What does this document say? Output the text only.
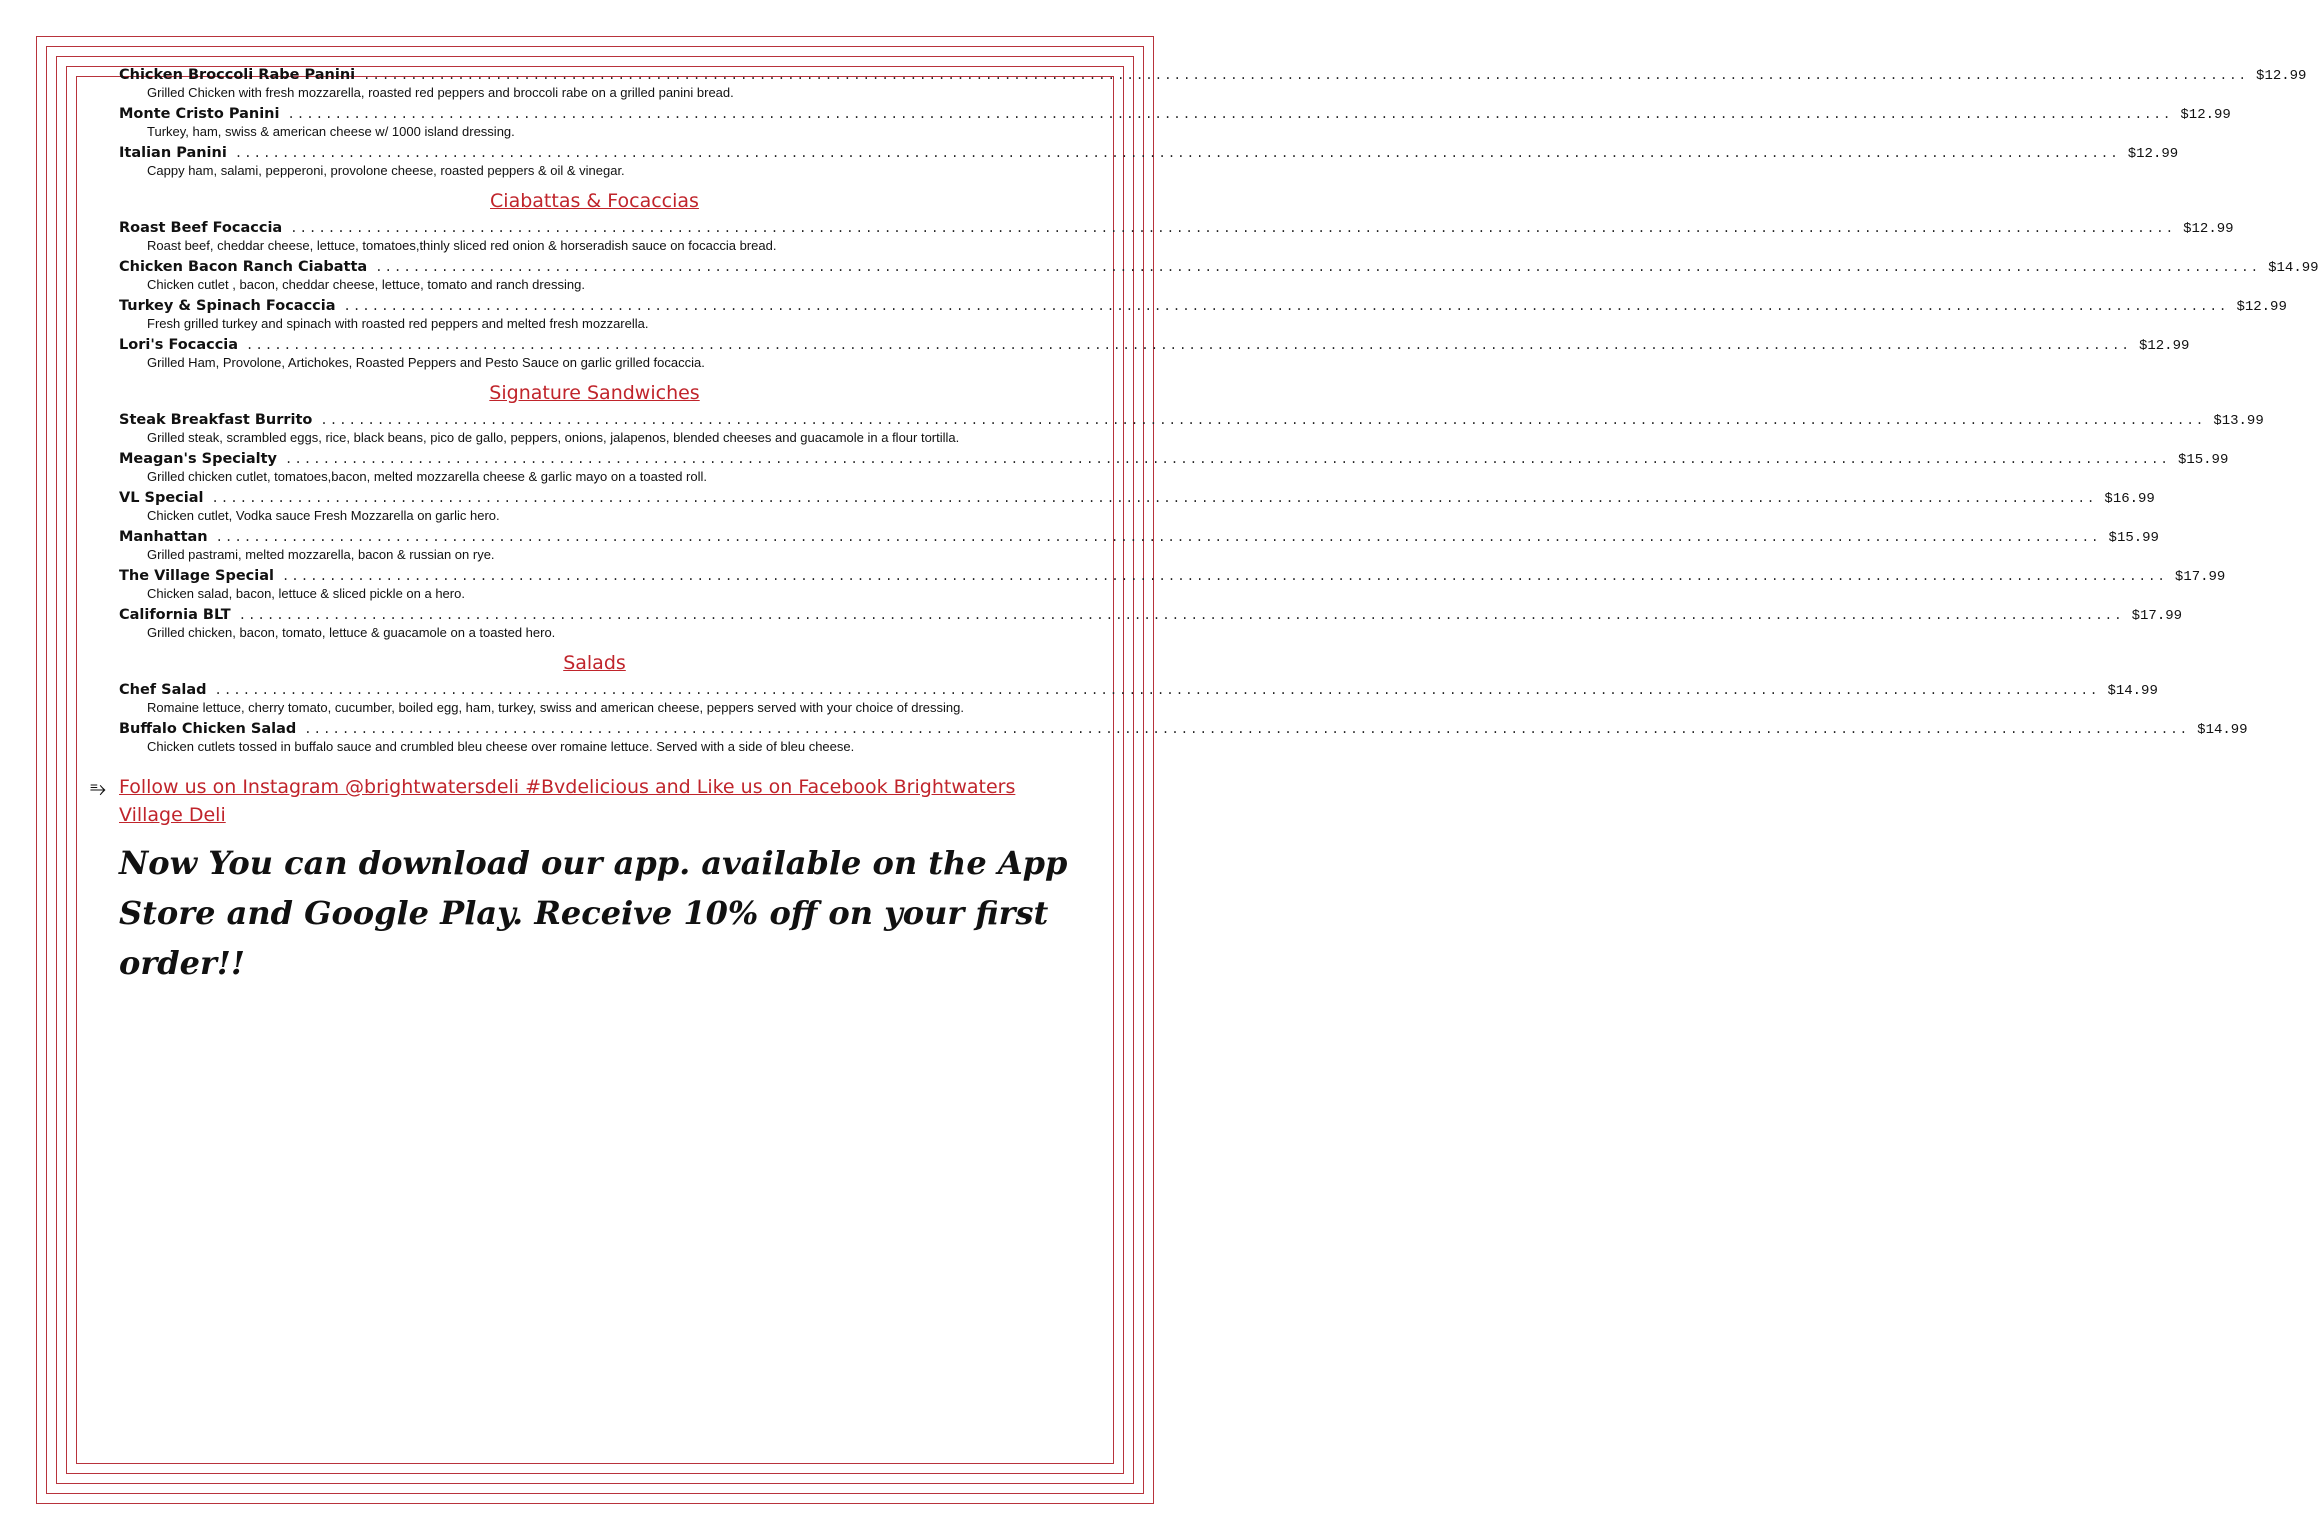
Chicken Broccoli Rabe Panini ........................................................................................................................................................................................................ $12.99
Grilled Chicken with fresh mozzarella, roasted red peppers and broccoli rabe on a grilled panini bread.
Monte Cristo Panini ........................................................................................................................................................................................................ $12.99
Turkey, ham, swiss & american cheese w/ 1000 island dressing.
Italian Panini ........................................................................................................................................................................................................ $12.99
Cappy ham, salami, pepperoni, provolone cheese, roasted peppers & oil & vinegar.
Ciabattas & Focaccias
Roast Beef Focaccia ........................................................................................................................................................................................................ $12.99
Roast beef, cheddar cheese, lettuce, tomatoes,thinly sliced red onion & horseradish sauce on focaccia bread.
Chicken Bacon Ranch Ciabatta ........................................................................................................................................................................................................ $14.99
Chicken cutlet , bacon, cheddar cheese, lettuce, tomato and ranch dressing.
Turkey & Spinach Focaccia ........................................................................................................................................................................................................ $12.99
Fresh grilled turkey and spinach with roasted red peppers and melted fresh mozzarella.
Lori's Focaccia ........................................................................................................................................................................................................ $12.99
Grilled Ham, Provolone, Artichokes, Roasted Peppers and Pesto Sauce on garlic grilled focaccia.
Signature Sandwiches
Steak Breakfast Burrito ........................................................................................................................................................................................................ $13.99
Grilled steak, scrambled eggs, rice, black beans, pico de gallo, peppers, onions, jalapenos, blended cheeses and guacamole in a flour tortilla.
Meagan's Specialty ........................................................................................................................................................................................................ $15.99
Grilled chicken cutlet, tomatoes,bacon, melted mozzarella cheese & garlic mayo on a toasted roll.
VL Special ........................................................................................................................................................................................................ $16.99
Chicken cutlet, Vodka sauce Fresh Mozzarella on garlic hero.
Manhattan ........................................................................................................................................................................................................ $15.99
Grilled pastrami, melted mozzarella, bacon & russian on rye.
The Village Special ........................................................................................................................................................................................................ $17.99
Chicken salad, bacon, lettuce & sliced pickle on a hero.
California BLT ........................................................................................................................................................................................................ $17.99
Grilled chicken, bacon, tomato, lettuce & guacamole on a toasted hero.
Salads
Chef Salad ........................................................................................................................................................................................................ $14.99
Romaine lettuce, cherry tomato, cucumber, boiled egg, ham, turkey, swiss and american cheese, peppers served with your choice of dressing.
Buffalo Chicken Salad ........................................................................................................................................................................................................ $14.99
Chicken cutlets tossed in buffalo sauce and crumbled bleu cheese over romaine lettuce. Served with a side of bleu cheese.
⥱ Follow us on Instagram @brightwatersdeli #Bvdelicious and Like us on Facebook Brightwaters Village Deli
Now You can download our app. available on the App Store and Google Play. Receive 10% off on your first order!!
